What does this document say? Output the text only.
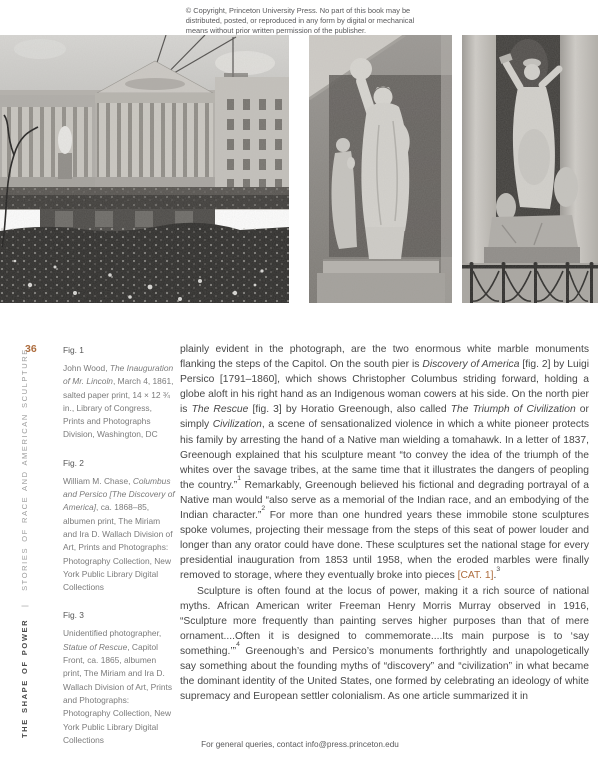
© Copyright, Princeton University Press. No part of this book may be
distributed, posted, or reproduced in any form by digital or mechanical
means without prior written permission of the publisher.
36	Fig. 1
John Wood, The Inauguration of Mr. Lincoln, March 4, 1861, salted paper print, 14 × 12 ¾ in., Library of Congress, Prints and Photographs Division, Washington, DC
Fig. 2
William M. Chase, Columbus and Persico [The Discovery of America], ca. 1868–85, albumen print, The Miriam and Ira D. Wallach Division of Art, Prints and Photographs: Photography Collection, New York Public Library Digital Collections
Fig. 3
Unidentified photographer, Statue of Rescue, Capitol Front, ca. 1865, albumen print, The Miriam and Ira D. Wallach Division of Art, Prints and Photographs: Photography Collection, New York Public Library Digital Collections
THE SHAPE OF POWER | STORIES OF RACE AND AMERICAN SCULPTURE	plainly evident in the photograph, are the two enormous white marble monuments flanking the steps of the Capitol. On the south pier is Discovery of America [fig. 2] by Luigi Persico [1791–1860], which shows Christopher Columbus striding forward, holding a globe aloft in his right hand as an Indigenous woman cowers at his side. On the north pier is The Rescue [fig. 3] by Horatio Greenough, also called The Triumph of Civilization or simply Civilization, a scene of sensationalized violence in which a white pioneer protects his family by arresting the hand of a Native man wielding a tomahawk. In a letter of 1837, Greenough explained that his sculpture meant “to convey the idea of the triumph of the whites over the savage tribes, at the same time that it illustrates the dangers of peopling the country.”$^1$ Remarkably, Greenough believed his fictional and degrading portrayal of a Native man would “also serve as a memorial of the Indian race, and an embodying of the Indian character.”$^2$ For more than one hundred years these immobile stone sculptures spoke volumes, projecting their message from the steps of this seat of power louder and longer than any orator could have done. These sculptures set the national stage for every presidential inauguration from 1853 until 1958, when the eroded marbles were finally removed to storage, where they eventually broke into pieces [CAT. 1].$^3$

Sculpture is often found at the locus of power, making it a rich source of national myths. African American writer Freeman Henry Morris Murray observed in 1916, “Sculpture more frequently than painting serves higher purposes than that of mere ornament....Often it is designed to commemorate....Its main purpose is to ‘say something.’”$^4$ Greenough’s and Persico’s monuments forthrightly and unapologetically say something about the founding myths of “discovery” and “civilization” in what became the dominant identity of the United States, one formed by celebrating an ideology of white supremacy and European settler colonialism. As one article summarized it in

For general queries, contact info@press.princeton.edu
